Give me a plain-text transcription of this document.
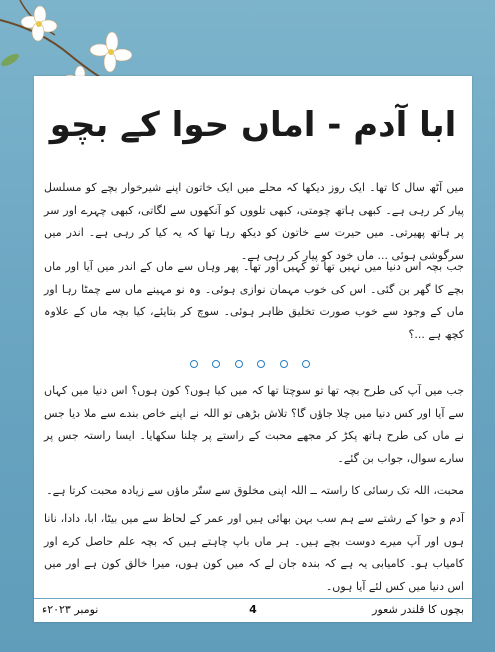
ابا آدم - اماں حوا کے بچو
میں آٹھ سال کا تھا۔ ایک روز دیکھا کہ محلے میں ایک خاتون اپنے شیرخوار بچے کو مسلسل پیار کر رہی ہے۔ کبھی ہاتھ چومتی، کبھی تلووں کو آنکھوں سے لگاتی، کبھی چہرے اور سر پر ہاتھ پھیرتی۔ میں حیرت سے خاتون کو دیکھ رہا تھا کہ یہ کیا کر رہی ہے۔ اندر میں سرگوشی ہوئی ... ماں خود کو پیار کر رہی ہے۔
جب بچہ اس دنیا میں نہیں تھا تو کہیں اور تھا۔ پھر وہاں سے ماں کے اندر میں آیا اور ماں بچے کا گھر بن گئی۔ اس کی خوب مہمان نوازی ہوئی۔ وہ نو مہینے ماں سے چمٹا رہا اور ماں کے وجود سے خوب صورت تخلیق ظاہر ہوئی۔ سوچ کر بتایئے، کیا بچہ ماں کے علاوہ کچھ ہے ...؟
جب میں آپ کی طرح بچہ تھا تو سوچتا تھا کہ میں کیا ہوں؟ کون ہوں؟ اس دنیا میں کہاں سے آیا اور کس دنیا میں چلا جاؤں گا؟ تلاش بڑھی تو اللہ نے اپنے خاص بندے سے ملا دیا جس نے ماں کی طرح ہاتھ پکڑ کر مجھے محبت کے راستے پر چلنا سکھایا۔ ایسا راستہ جس پر سارے سوال، جواب بن گئے۔
محبت، اللہ تک رسائی کا راستہ ــ اللہ اپنی مخلوق سے ستّر ماؤں سے زیادہ محبت کرتا ہے۔
آدم و حوا کے رشتے سے ہم سب بہن بھائی ہیں اور عمر کے لحاظ سے میں بیٹا، ابا، دادا، نانا ہوں اور آپ میرے دوست بچے ہیں۔ ہر ماں باپ چاہتے ہیں کہ بچہ علم حاصل کرے اور کامیاب ہو۔ کامیابی یہ ہے کہ بندہ جان لے کہ میں کون ہوں، میرا خالق کون ہے اور میں اس دنیا میں کس لئے آیا ہوں۔
نومبر ۲۰۲۳ء	4	بچوں کا قلندر شعور
